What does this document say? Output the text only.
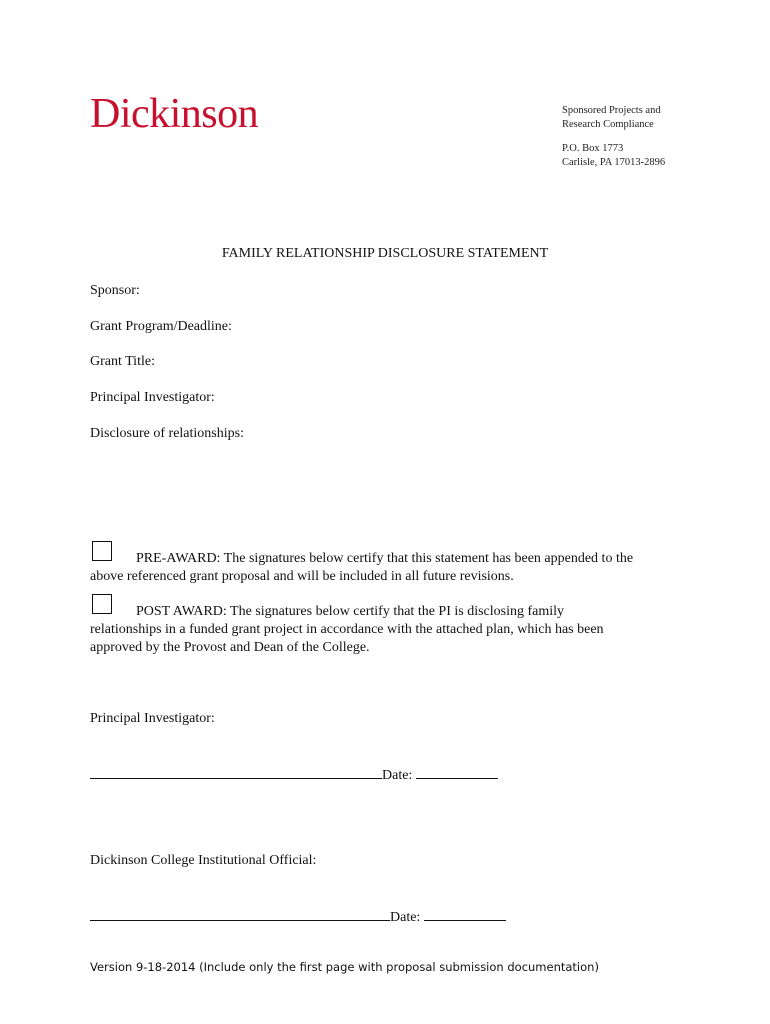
Dickinson	Sponsored Projects and
Research Compliance
P.O. Box 1773
Carlisle, PA 17013-2896
FAMILY RELATIONSHIP DISCLOSURE STATEMENT
Sponsor:
Grant Program/Deadline:
Grant Title:
Principal Investigator:
Disclosure of relationships:
PRE-AWARD: The signatures below certify that this statement has been appended to the
above referenced grant proposal and will be included in all future revisions.
POST AWARD: The signatures below certify that the PI is disclosing family
relationships in a funded grant project in accordance with the attached plan, which has been
approved by the Provost and Dean of the College.
Principal Investigator:
Date:
Dickinson College Institutional Official:
Date:
Version 9-18-2014 (Include only the first page with proposal submission documentation)
